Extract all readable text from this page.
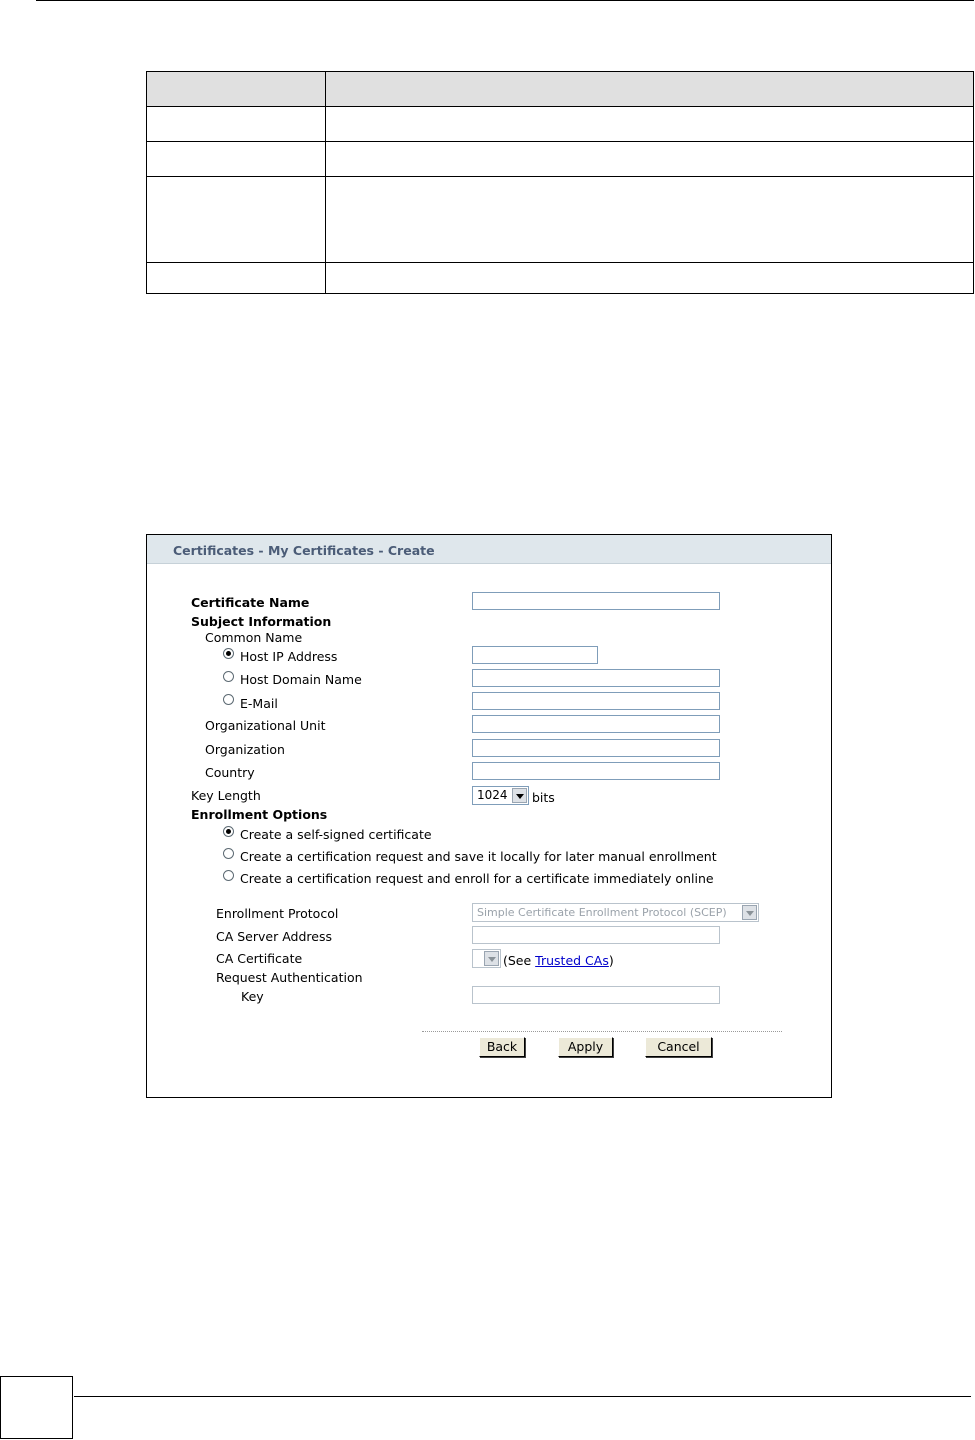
Certificates - My Certificates - Create
Certificate Name
Subject Information
Common Name
Host IP Address
Host Domain Name
E-Mail
Organizational Unit
Organization
Country
Key Length	1024 bits
Enrollment Options
Create a self-signed certificate
Create a certification request and save it locally for later manual enrollment
Create a certification request and enroll for a certificate immediately online
Enrollment Protocol	Simple Certificate Enrollment Protocol (SCEP)
CA Server Address
CA Certificate	(See Trusted CAs)
Request Authentication
Key
Back	Apply	Cancel
